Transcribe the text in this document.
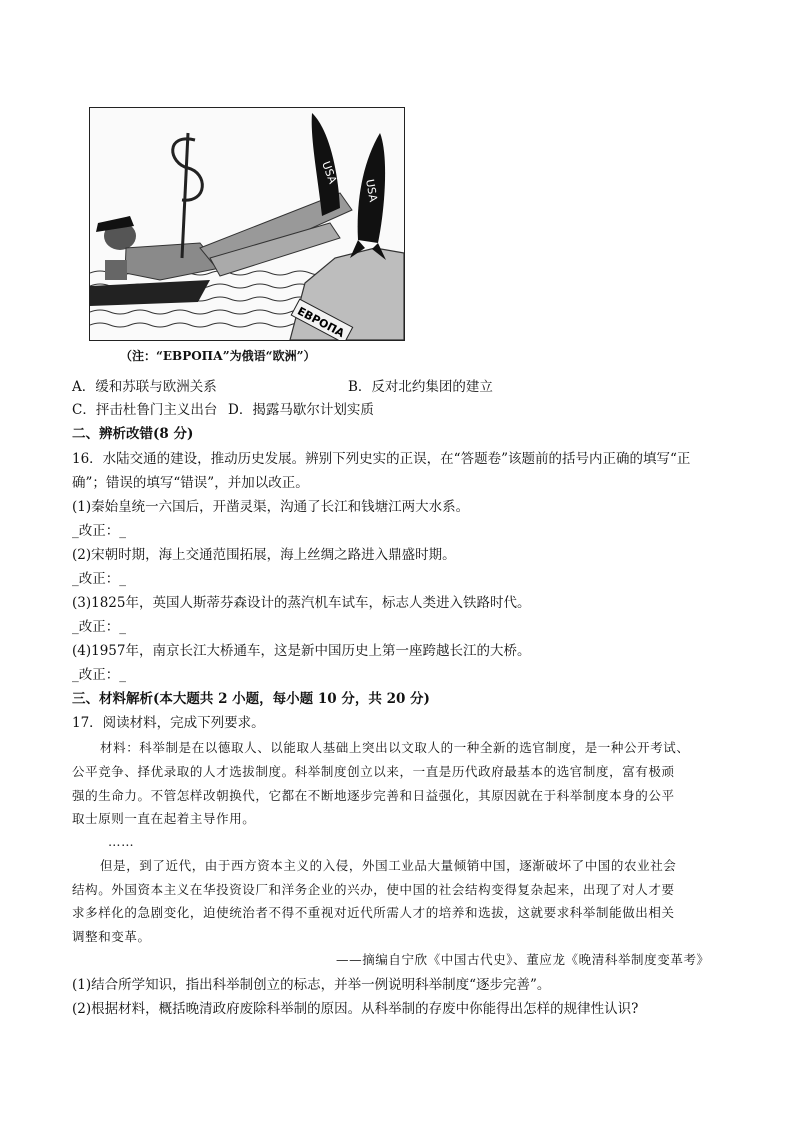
ЕВРОПА
USA
USA
（注：“ЕВРОПА”为俄语“欧洲”）
A．缓和苏联与欧洲关系	B．反对北约集团的建立
C．抨击杜鲁门主义出台 D．揭露马歇尔计划实质
二、辨析改错(8 分)
16．水陆交通的建设，推动历史发展。辨别下列史实的正误，在“答题卷”该题前的括号内正确的填写“正
确”；错误的填写“错误”，并加以改正。
(1)秦始皇统一六国后，开凿灵渠，沟通了长江和钱塘江两大水系。
_改正：_
(2)宋朝时期，海上交通范围拓展，海上丝绸之路进入鼎盛时期。
_改正：_
(3)1825年，英国人斯蒂芬森设计的蒸汽机车试车，标志人类进入铁路时代。
_改正：_
(4)1957年，南京长江大桥通车，这是新中国历史上第一座跨越长江的大桥。
_改正：_
三、材料解析(本大题共 2 小题，每小题 10 分，共 20 分)
17．阅读材料，完成下列要求。
材料：科举制是在以德取人、以能取人基础上突出以文取人的一种全新的选官制度，是一种公开考试、
公平竞争、择优录取的人才选拔制度。科举制度创立以来，一直是历代政府最基本的选官制度，富有极顽
强的生命力。不管怎样改朝换代，它都在不断地逐步完善和日益强化，其原因就在于科举制度本身的公平
取士原则一直在起着主导作用。
……
但是，到了近代，由于西方资本主义的入侵，外国工业品大量倾销中国，逐渐破坏了中国的农业社会
结构。外国资本主义在华投资设厂和洋务企业的兴办，使中国的社会结构变得复杂起来，出现了对人才要
求多样化的急剧变化，迫使统治者不得不重视对近代所需人才的培养和选拔，这就要求科举制能做出相关
调整和变革。
——摘编自宁欣《中国古代史》、董应龙《晚清科举制度变革考》
(1)结合所学知识，指出科举制创立的标志，并举一例说明科举制度“逐步完善”。
(2)根据材料，概括晚清政府废除科举制的原因。从科举制的存废中你能得出怎样的规律性认识?
